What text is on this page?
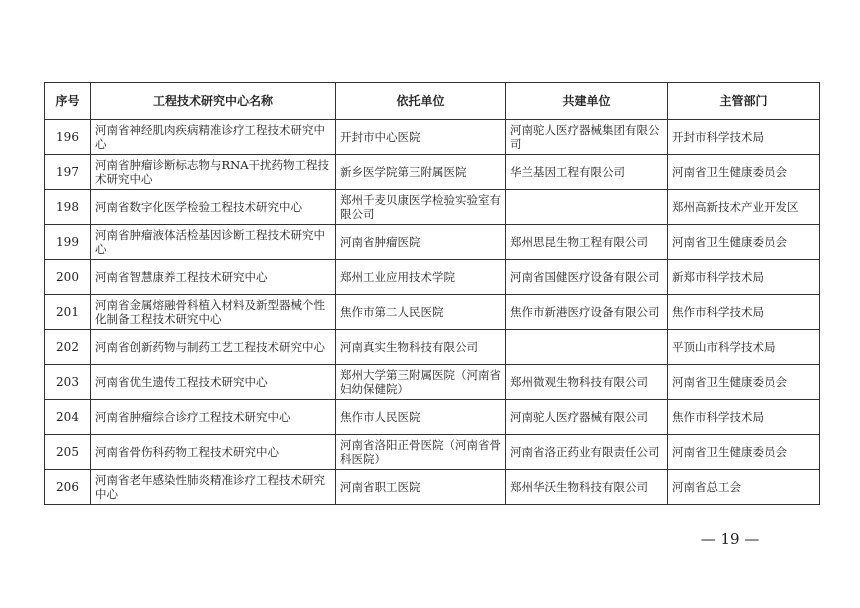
序号	工程技术研究中心名称	依托单位	共建单位	主管部门
196	河南省神经肌肉疾病精准诊疗工程技术研究中心	开封市中心医院	河南驼人医疗器械集团有限公司	开封市科学技术局
197	河南省肿瘤诊断标志物与RNA干扰药物工程技术研究中心	新乡医学院第三附属医院	华兰基因工程有限公司	河南省卫生健康委员会
198	河南省数字化医学检验工程技术研究中心	郑州千麦贝康医学检验实验室有限公司		郑州高新技术产业开发区
199	河南省肿瘤液体活检基因诊断工程技术研究中心	河南省肿瘤医院	郑州思昆生物工程有限公司	河南省卫生健康委员会
200	河南省智慧康养工程技术研究中心	郑州工业应用技术学院	河南省国健医疗设备有限公司	新郑市科学技术局
201	河南省金属熔融骨科植入材料及新型器械个性化制备工程技术研究中心	焦作市第二人民医院	焦作市新港医疗设备有限公司	焦作市科学技术局
202	河南省创新药物与制药工艺工程技术研究中心	河南真实生物科技有限公司		平顶山市科学技术局
203	河南省优生遗传工程技术研究中心	郑州大学第三附属医院（河南省妇幼保健院）	郑州微观生物科技有限公司	河南省卫生健康委员会
204	河南省肿瘤综合诊疗工程技术研究中心	焦作市人民医院	河南驼人医疗器械有限公司	焦作市科学技术局
205	河南省骨伤科药物工程技术研究中心	河南省洛阳正骨医院（河南省骨科医院）	河南省洛正药业有限责任公司	河南省卫生健康委员会
206	河南省老年感染性肺炎精准诊疗工程技术研究中心	河南省职工医院	郑州华沃生物科技有限公司	河南省总工会
— 19 —
